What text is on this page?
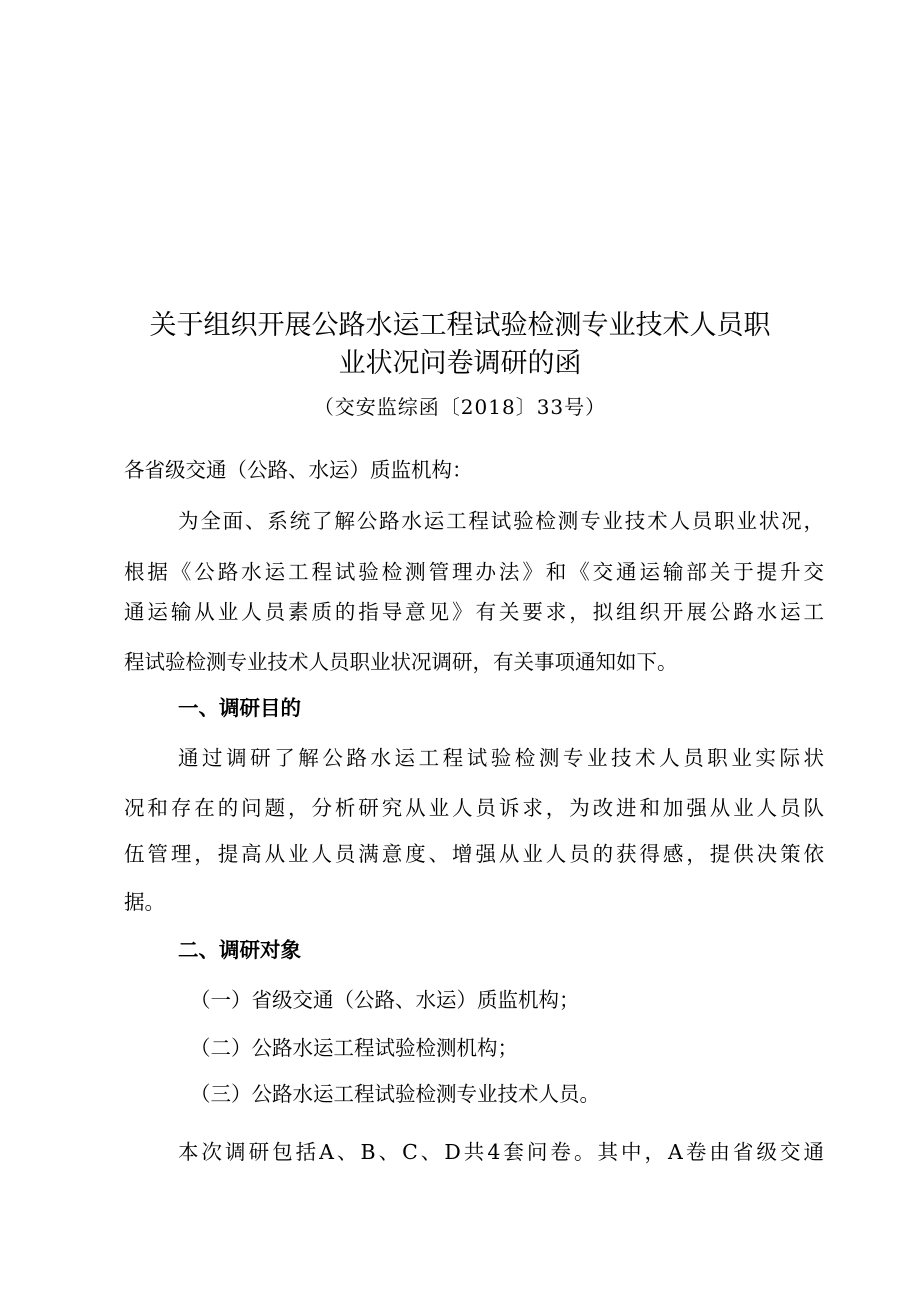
关于组织开展公路水运工程试验检测专业技术人员职
业状况问卷调研的函
（交安监综函〔2018〕33号）
各省级交通（公路、水运）质监机构：
为全面、系统了解公路水运工程试验检测专业技术人员职业状况，
根据《公路水运工程试验检测管理办法》和《交通运输部关于提升交
通运输从业人员素质的指导意见》有关要求，拟组织开展公路水运工
程试验检测专业技术人员职业状况调研，有关事项通知如下。
一、调研目的
通过调研了解公路水运工程试验检测专业技术人员职业实际状
况和存在的问题，分析研究从业人员诉求，为改进和加强从业人员队
伍管理，提高从业人员满意度、增强从业人员的获得感，提供决策依
据。
二、调研对象
（一）省级交通（公路、水运）质监机构；
（二）公路水运工程试验检测机构；
（三）公路水运工程试验检测专业技术人员。
本次调研包括A、B、C、D共4套问卷。其中，A卷由省级交通
